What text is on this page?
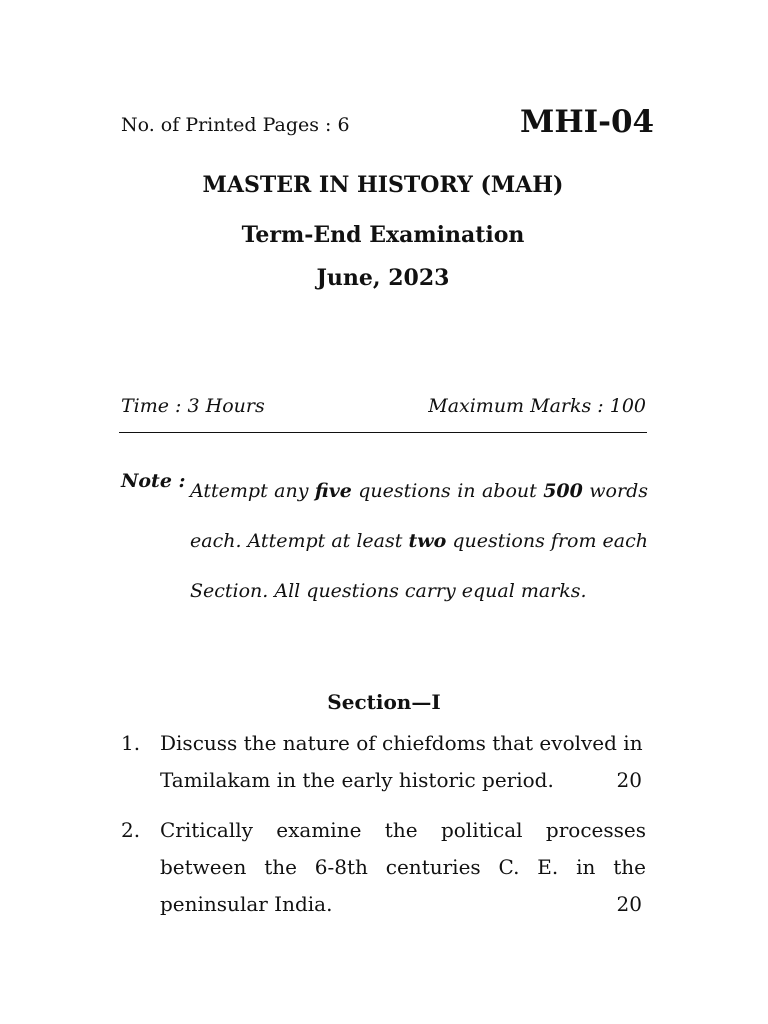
No. of Printed Pages : 6	MHI-04
MASTER IN HISTORY (MAH)
Term-End Examination
June, 2023
Time : 3 Hours	Maximum Marks : 100
Note : Attempt any five questions in about 500 words each. Attempt at least two questions from each Section. All questions carry equal marks.
Section—I
1. Discuss the nature of chiefdoms that evolved in
Tamilakam in the early historic period.	20
2. Critically examine the political processes between the 6-8th centuries C. E. in the
peninsular India.	20
